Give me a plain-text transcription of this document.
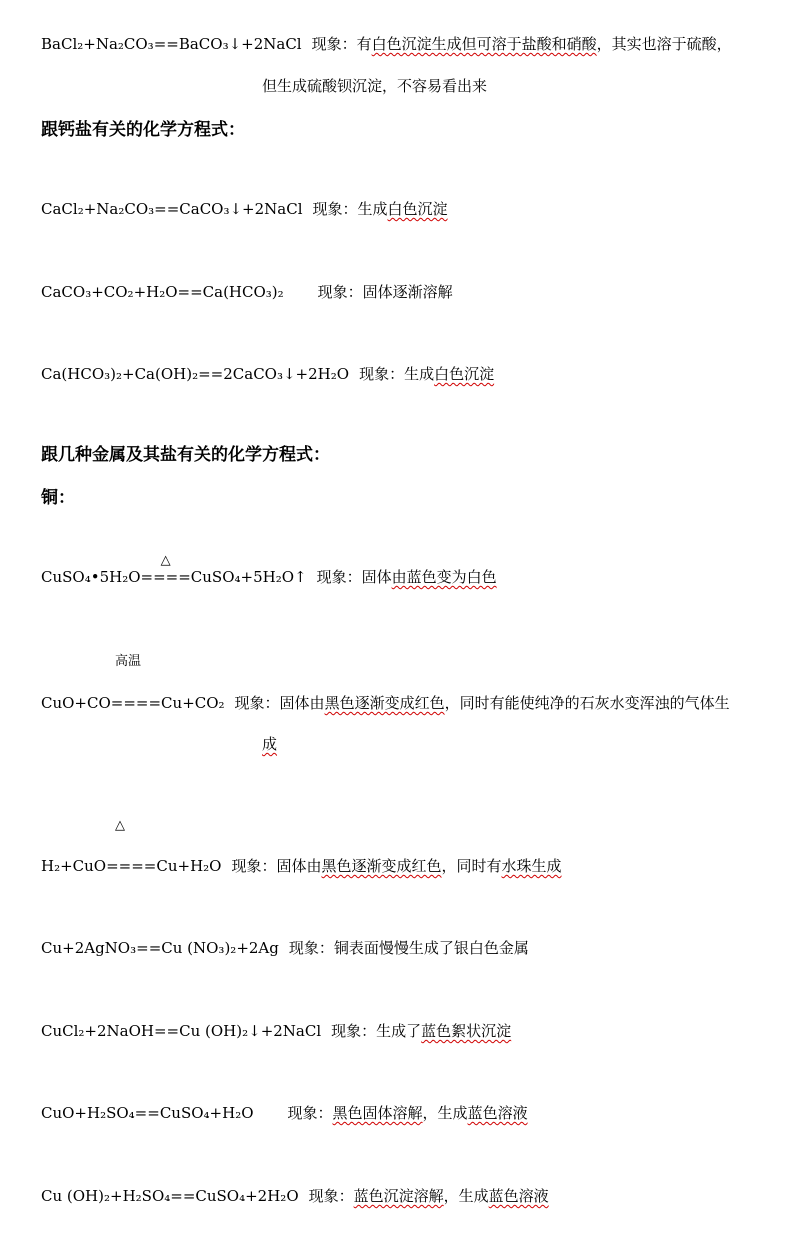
BaCl₂+Na₂CO₃==BaCO₃↓+2NaCl 现象：有白色沉淀生成但可溶于盐酸和硝酸，其实也溶于硫酸，
但生成硫酸钡沉淀，不容易看出来
跟钙盐有关的化学方程式：
CaCl₂+Na₂CO₃==CaCO₃↓+2NaCl 现象：生成白色沉淀
CaCO₃+CO₂+H₂O==Ca(HCO₃)₂ 现象：固体逐渐溶解
Ca(HCO₃)₂+Ca(OH)₂==2CaCO₃↓+2H₂O 现象：生成白色沉淀
跟几种金属及其盐有关的化学方程式：
铜：
CuSO₄•5H₂O
△
====CuSO₄+5H₂O↑ 现象：固体由蓝色变为白色
高温
CuO+CO====Cu+CO₂ 现象：固体由黑色逐渐变成红色，同时有能使纯净的石灰水变浑浊的气体生
成
△
H₂+CuO====Cu+H₂O 现象：固体由黑色逐渐变成红色，同时有水珠生成
Cu+2AgNO₃==Cu (NO₃)₂+2Ag 现象：铜表面慢慢生成了银白色金属
CuCl₂+2NaOH==Cu (OH)₂↓+2NaCl 现象：生成了蓝色絮状沉淀
CuO+H₂SO₄==CuSO₄+H₂O 现象：黑色固体溶解，生成蓝色溶液
Cu (OH)₂+H₂SO₄==CuSO₄+2H₂O 现象：蓝色沉淀溶解，生成蓝色溶液
